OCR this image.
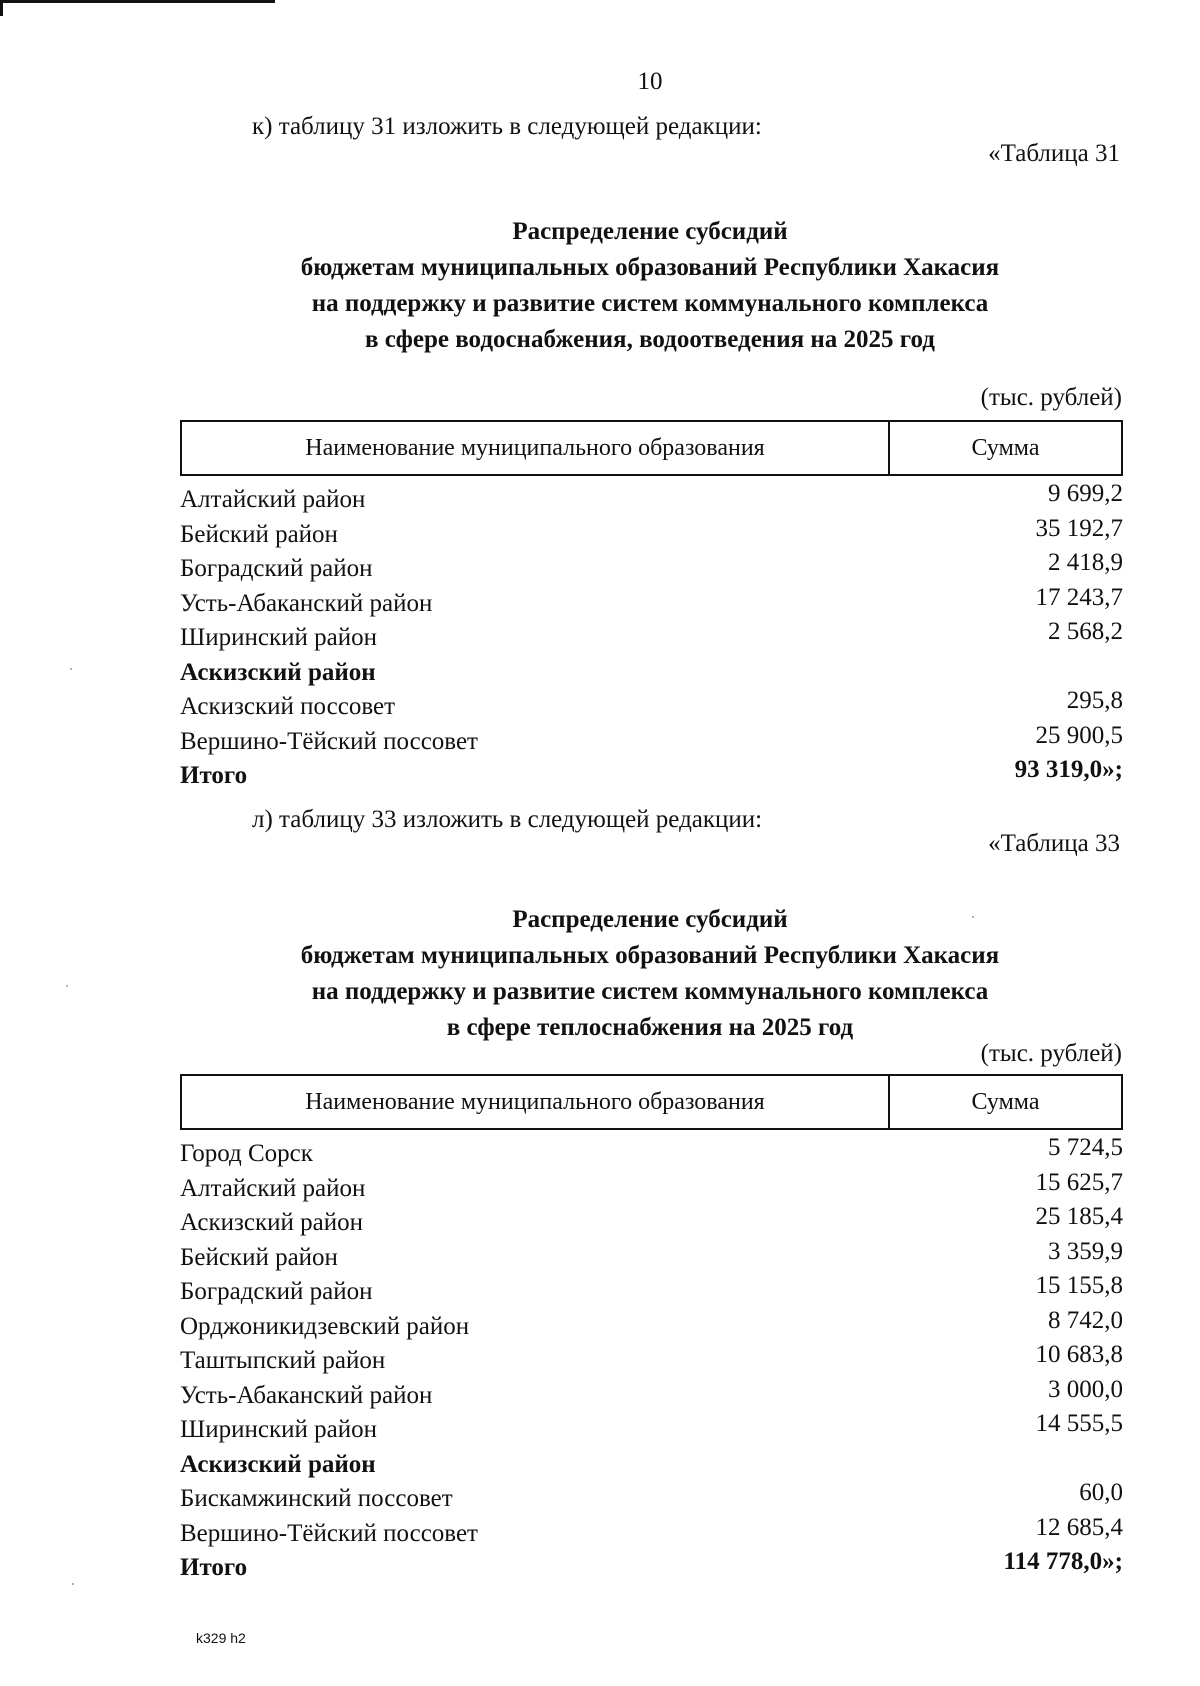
10
к) таблицу 31 изложить в следующей редакции:
«Таблица 31
Распределение субсидий
бюджетам муниципальных образований Республики Хакасия
на поддержку и развитие систем коммунального комплекса
в сфере водоснабжения, водоотведения на 2025 год
(тыс. рублей)
Наименование муниципального образования	Сумма
Алтайский район	9 699,2
Бейский район	35 192,7
Боградский район	2 418,9
Усть-Абаканский район	17 243,7
Ширинский район	2 568,2
Аскизский район
Аскизский поссовет	295,8
Вершино-Тёйский поссовет	25 900,5
Итого	93 319,0»;
л) таблицу 33 изложить в следующей редакции:
«Таблица 33
Распределение субсидий
бюджетам муниципальных образований Республики Хакасия
на поддержку и развитие систем коммунального комплекса
в сфере теплоснабжения на 2025 год
(тыс. рублей)
Наименование муниципального образования	Сумма
Город Сорск	5 724,5
Алтайский район	15 625,7
Аскизский район	25 185,4
Бейский район	3 359,9
Боградский район	15 155,8
Орджоникидзевский район	8 742,0
Таштыпский район	10 683,8
Усть-Абаканский район	3 000,0
Ширинский район	14 555,5
Аскизский район
Бискамжинский поссовет	60,0
Вершино-Тёйский поссовет	12 685,4
Итого	114 778,0»;
k329 h2
